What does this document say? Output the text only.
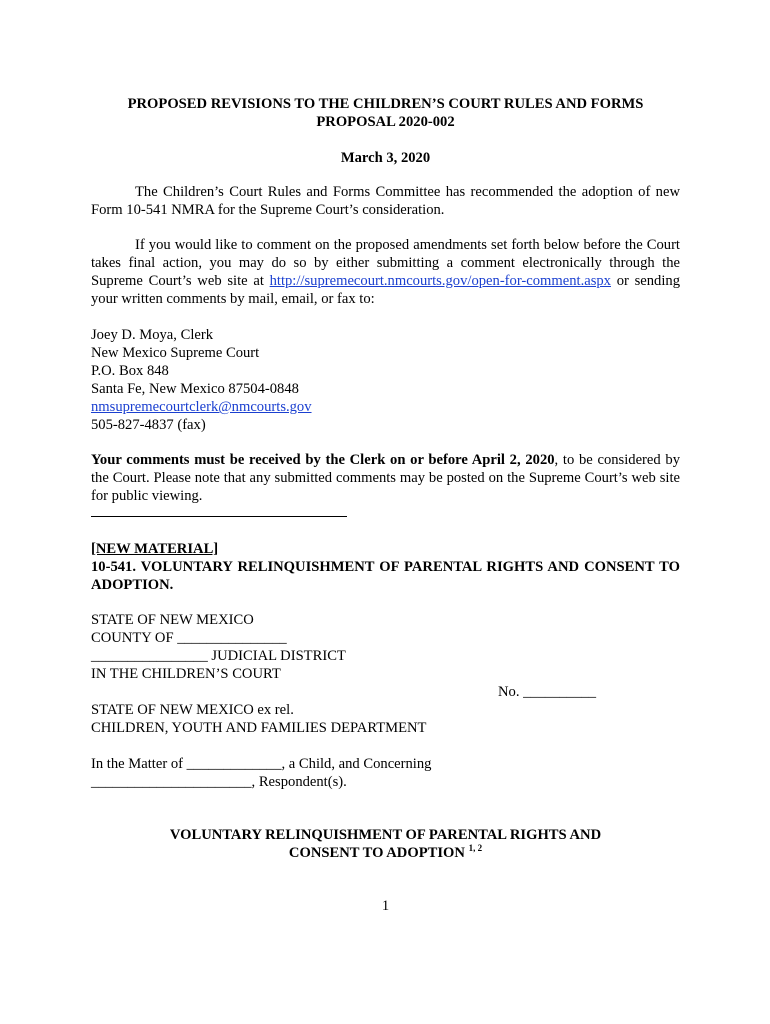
PROPOSED REVISIONS TO THE CHILDREN’S COURT RULES AND FORMS
PROPOSAL 2020-002
March 3, 2020
The Children’s Court Rules and Forms Committee has recommended the adoption of new Form 10-541 NMRA for the Supreme Court’s consideration.
If you would like to comment on the proposed amendments set forth below before the Court takes final action, you may do so by either submitting a comment electronically through the Supreme Court’s web site at http://supremecourt.nmcourts.gov/open-for-comment.aspx or sending your written comments by mail, email, or fax to:
Joey D. Moya, Clerk
New Mexico Supreme Court
P.O. Box 848
Santa Fe, New Mexico 87504-0848
nmsupremecourtclerk@nmcourts.gov
505-827-4837 (fax)
Your comments must be received by the Clerk on or before April 2, 2020, to be considered by the Court. Please note that any submitted comments may be posted on the Supreme Court’s web site for public viewing.
[NEW MATERIAL]
10-541. VOLUNTARY RELINQUISHMENT OF PARENTAL RIGHTS AND CONSENT TO ADOPTION.
STATE OF NEW MEXICO
COUNTY OF _______________
________________ JUDICIAL DISTRICT
IN THE CHILDREN’S COURT
No. __________
STATE OF NEW MEXICO ex rel.
CHILDREN, YOUTH AND FAMILIES DEPARTMENT
In the Matter of _____________, a Child, and Concerning
______________________, Respondent(s).
VOLUNTARY RELINQUISHMENT OF PARENTAL RIGHTS AND
CONSENT TO ADOPTION $^{1, 2}$
1
